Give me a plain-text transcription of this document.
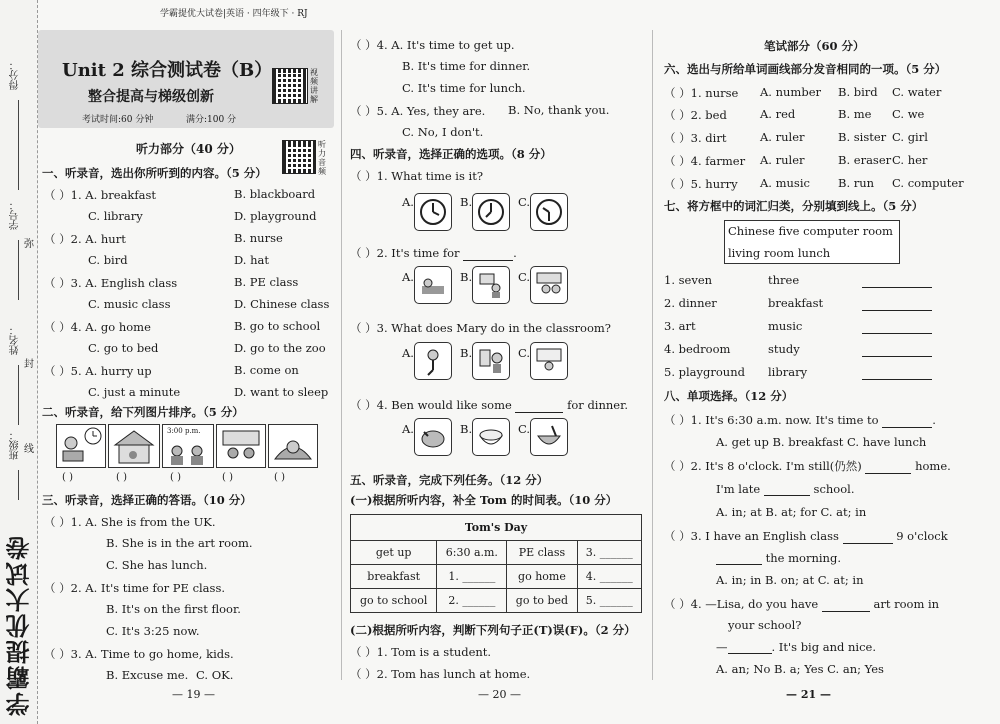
得分：
学号：
姓名：
班级：
弥
封
线
学霸提优大试卷
学霸提优大试卷|英语 · 四年级下 · RJ
Unit 2 综合测试卷（B）
整合提高与梯级创新
考试时间:60 分钟	满分:100 分
视频讲解
听力部分（40 分）	听力音频
一、听录音，选出你所听到的内容。（5 分）
（ ）1. A. breakfast	B. blackboard
C. library	D. playground
（ ）2. A. hurt	B. nurse
C. bird	D. hat
（ ）3. A. English class	B. PE class
C. music class	D. Chinese class
（ ）4. A. go home	B. go to school
C. go to bed	D. go to the zoo
（ ）5. A. hurry up	B. come on
C. just a minute	D. want to sleep
二、听录音，给下列图片排序。（5 分）
3:00 p.m.
( )	( )	( )	( )	( )
三、听录音，选择正确的答语。（10 分）
（ ）1. A. She is from the UK.
B. She is in the art room.
C. She has lunch.
（ ）2. A. It's time for PE class.
B. It's on the first floor.
C. It's 3:25 now.
（ ）3. A. Time to go home, kids.
B. Excuse me. C. OK.
— 19 —
（ ）4. A. It's time to get up.
B. It's time for dinner.
C. It's time for lunch.
（ ）5. A. Yes, they are. B. No, thank you.
C. No, I don't.
四、听录音，选择正确的选项。（8 分）
（ ）1. What time is it?
A.	B.	C.
（ ）2. It's time for	.
A.	B.	C.
（ ）3. What does Mary do in the classroom?
A.	B.	C.
（ ）4. Ben would like some	for dinner.
A.	B.	C.
五、听录音，完成下列任务。（12 分）
(一)根据所听内容，补全 Tom 的时间表。（10 分）
Tom's Day			
get up	6:30 a.m.	PE class	3. ______
breakfast	1. ______	go home	4. ______
go to school	2. ______	go to bed	5. ______
(二)根据所听内容，判断下列句子正(T)误(F)。（2 分）
（ ）1. Tom is a student.
（ ）2. Tom has lunch at home.
— 20 —
笔试部分（60 分）
六、选出与所给单词画线部分发音相同的一项。（5 分）
（ ）1. nurse A. number B. bird C. water
（ ）2. bed	A. red	B. me C. we
（ ）3. dirt	A. ruler	B. sister C. girl
（ ）4. farmer A. ruler	B. eraser C. her
（ ）5. hurry A. music B. run C. computer
七、将方框中的词汇归类，分别填到线上。（5 分）
Chinese five computer room
living room lunch
1. seven	three
2. dinner	breakfast
3. art	music
4. bedroom	study
5. playground library
八、单项选择。（12 分）
（ ）1. It's 6:30 a.m. now. It's time to	.
A. get up B. breakfast C. have lunch
（ ）2. It's 8 o'clock. I'm still(仍然)	home.
I'm late	school.
A. in; at B. at; for C. at; in
（ ）3. I have an English class	9 o'clock
the morning.
A. in; in B. on; at C. at; in
（ ）4. —Lisa, do you have	art room in
your school?
—	. It's big and nice.
A. an; No B. a; Yes C. an; Yes
— 21 —
